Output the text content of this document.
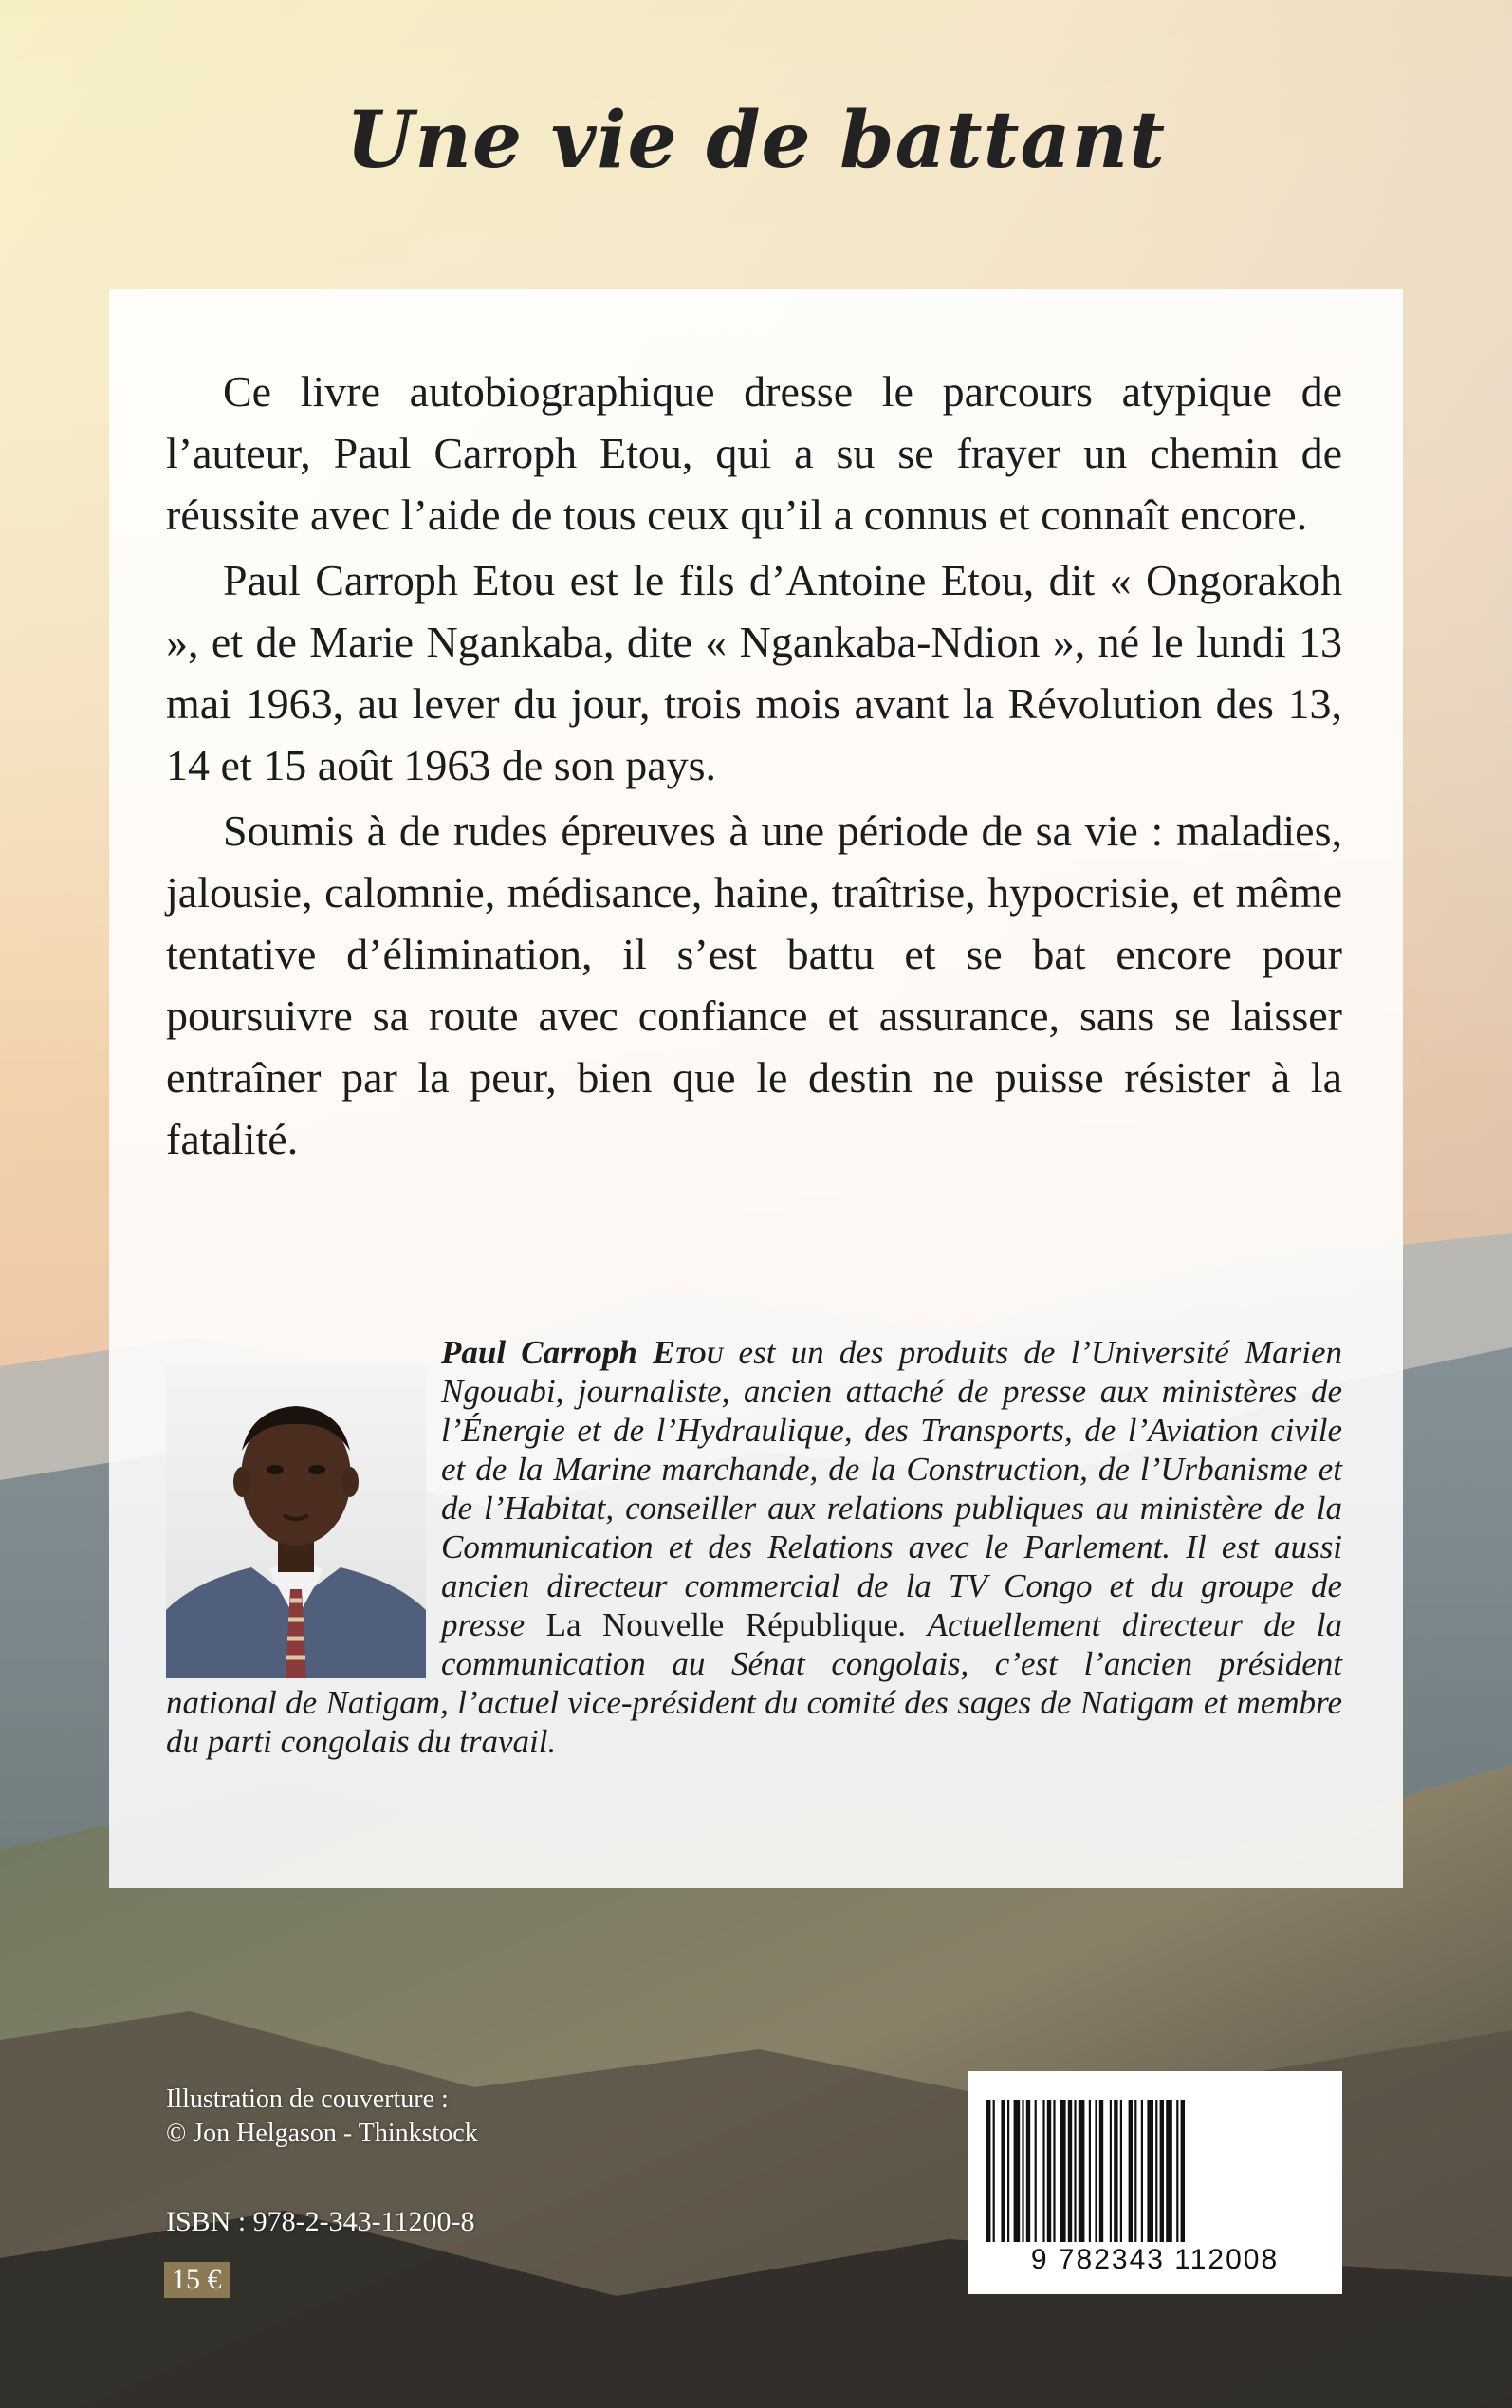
Une vie de battant

Ce livre autobiographique dresse le parcours atypique de l’auteur, Paul Carroph Etou, qui a su se frayer un chemin de réussite avec l’aide de tous ceux qu’il a connus et connaît encore.

Paul Carroph Etou est le fils d’Antoine Etou, dit « Ongorakoh », et de Marie Ngankaba, dite « Ngankaba-Ndion », né le lundi 13 mai 1963, au lever du jour, trois mois avant la Révolution des 13, 14 et 15 août 1963 de son pays.

Soumis à de rudes épreuves à une période de sa vie : maladies, jalousie, calomnie, médisance, haine, traîtrise, hypocrisie, et même tentative d’élimination, il s’est battu et se bat encore pour poursuivre sa route avec confiance et assurance, sans se laisser entraîner par la peur, bien que le destin ne puisse résister à la fatalité.

Paul Carroph Etou est un des produits de l’Université Marien Ngouabi, journaliste, ancien attaché de presse aux ministères de l’Énergie et de l’Hydraulique, des Transports, de l’Aviation civile et de la Marine marchande, de la Construction, de l’Urbanisme et de l’Habitat, conseiller aux relations publiques au ministère de la Communication et des Relations avec le Parlement. Il est aussi ancien directeur commercial de la TV Congo et du groupe de presse La Nouvelle République. Actuellement directeur de la communication au Sénat congolais, c’est l’ancien président national de Natigam, l’actuel vice-président du comité des sages de Natigam et membre du parti congolais du travail.
Illustration de couverture :
© Jon Helgason - Thinkstock
ISBN : 978-2-343-11200-8
15 €
9 782343 112008
